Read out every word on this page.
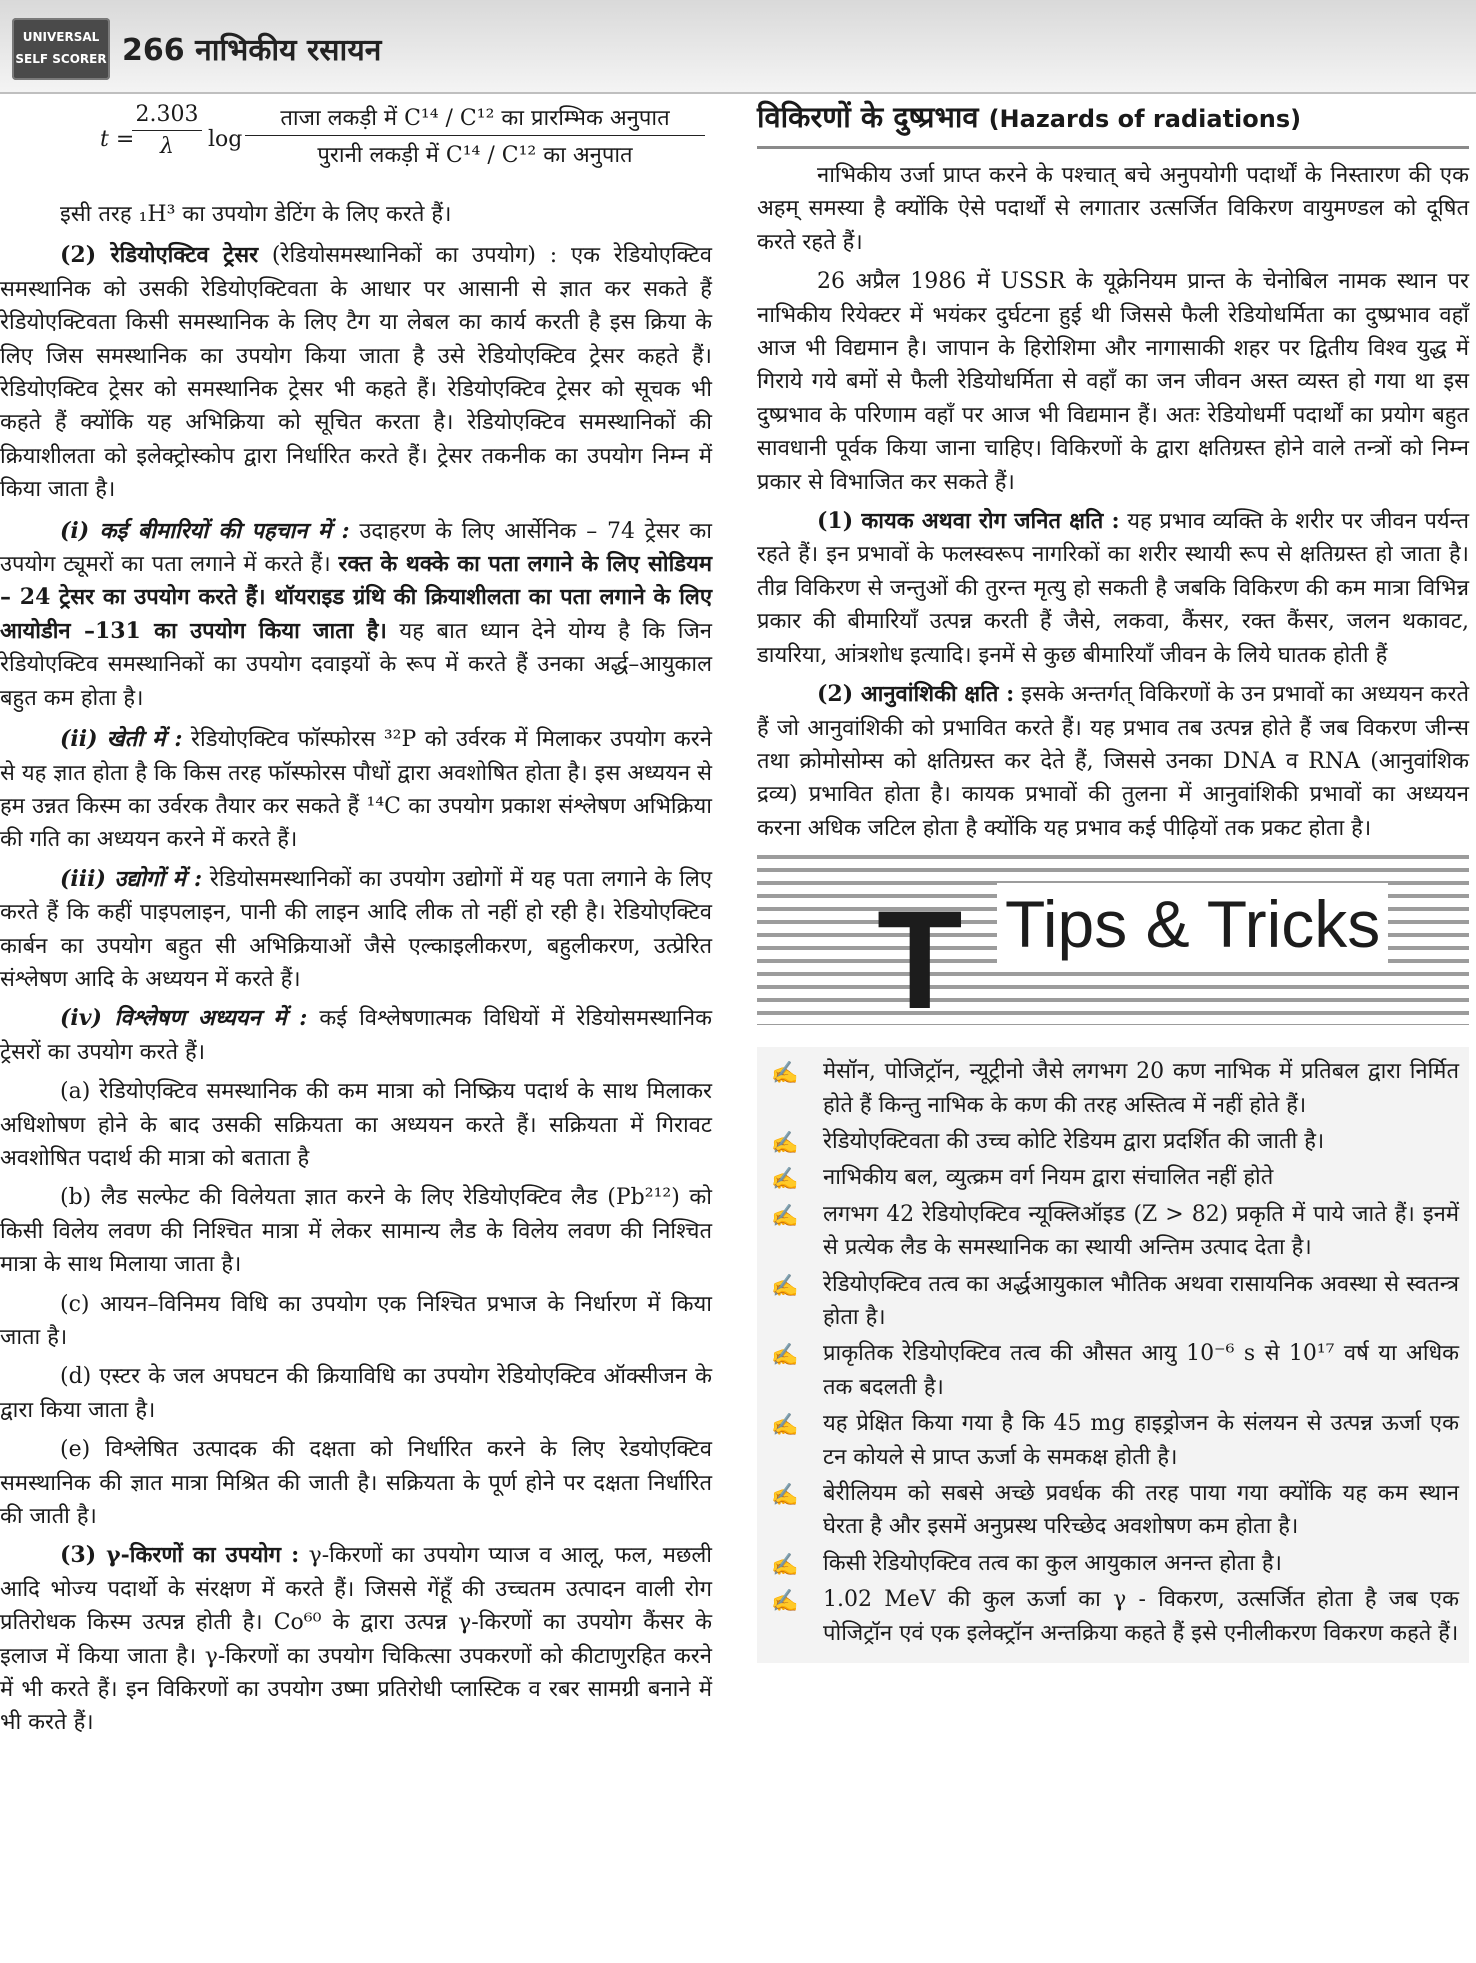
UNIVERSAL
SELF SCORER 266 नाभिकीय रसायन
t =
$\frac{2.303}{\lambda}$ log
ताजा लकड़ी में C¹⁴ / C¹² का प्रारम्भिक अनुपात
पुरानी लकड़ी में C¹⁴ / C¹² का अनुपात

इसी तरह ₁H³ का उपयोग डेटिंग के लिए करते हैं।

(2) रेडियोएक्टिव ट्रेसर (रेडियोसमस्थानिकों का उपयोग) : एक रेडियोएक्टिव समस्थानिक को उसकी रेडियोएक्टिवता के आधार पर आसानी से ज्ञात कर सकते हैं रेडियोएक्टिवता किसी समस्थानिक के लिए टैग या लेबल का कार्य करती है इस क्रिया के लिए जिस समस्थानिक का उपयोग किया जाता है उसे रेडियोएक्टिव ट्रेसर कहते हैं। रेडियोएक्टिव ट्रेसर को समस्थानिक ट्रेसर भी कहते हैं। रेडियोएक्टिव ट्रेसर को सूचक भी कहते हैं क्योंकि यह अभिक्रिया को सूचित करता है। रेडियोएक्टिव समस्थानिकों की क्रियाशीलता को इलेक्ट्रोस्कोप द्वारा निर्धारित करते हैं। ट्रेसर तकनीक का उपयोग निम्न में किया जाता है।

(i) कई बीमारियों की पहचान में : उदाहरण के लिए आर्सेनिक – 74 ट्रेसर का उपयोग ट्यूमरों का पता लगाने में करते हैं। रक्त के थक्के का पता लगाने के लिए सोडियम – 24 ट्रेसर का उपयोग करते हैं। थॉयराइड ग्रंथि की क्रियाशीलता का पता लगाने के लिए आयोडीन –131 का उपयोग किया जाता है। यह बात ध्यान देने योग्य है कि जिन रेडियोएक्टिव समस्थानिकों का उपयोग दवाइयों के रूप में करते हैं उनका अर्द्ध–आयुकाल बहुत कम होता है।

(ii) खेती में : रेडियोएक्टिव फॉस्फोरस ³²P को उर्वरक में मिलाकर उपयोग करने से यह ज्ञात होता है कि किस तरह फॉस्फोरस पौधों द्वारा अवशोषित होता है। इस अध्ययन से हम उन्नत किस्म का उर्वरक तैयार कर सकते हैं ¹⁴C का उपयोग प्रकाश संश्लेषण अभिक्रिया की गति का अध्ययन करने में करते हैं।

(iii) उद्योगों में : रेडियोसमस्थानिकों का उपयोग उद्योगों में यह पता लगाने के लिए करते हैं कि कहीं पाइपलाइन, पानी की लाइन आदि लीक तो नहीं हो रही है। रेडियोएक्टिव कार्बन का उपयोग बहुत सी अभिक्रियाओं जैसे एल्काइलीकरण, बहुलीकरण, उत्प्रेरित संश्लेषण आदि के अध्ययन में करते हैं।

(iv) विश्लेषण अध्ययन में : कई विश्लेषणात्मक विधियों में रेडियोसमस्थानिक ट्रेसरों का उपयोग करते हैं।

(a) रेडियोएक्टिव समस्थानिक की कम मात्रा को निष्क्रिय पदार्थ के साथ मिलाकर अधिशोषण होने के बाद उसकी सक्रियता का अध्ययन करते हैं। सक्रियता में गिरावट अवशोषित पदार्थ की मात्रा को बताता है

(b) लैड सल्फेट की विलेयता ज्ञात करने के लिए रेडियोएक्टिव लैड (Pb²¹²) को किसी विलेय लवण की निश्चित मात्रा में लेकर सामान्य लैड के विलेय लवण की निश्चित मात्रा के साथ मिलाया जाता है।

(c) आयन–विनिमय विधि का उपयोग एक निश्चित प्रभाज के निर्धारण में किया जाता है।

(d) एस्टर के जल अपघटन की क्रियाविधि का उपयोग रेडियोएक्टिव ऑक्सीजन के द्वारा किया जाता है।

(e) विश्लेषित उत्पादक की दक्षता को निर्धारित करने के लिए रेडयोएक्टिव समस्थानिक की ज्ञात मात्रा मिश्रित की जाती है। सक्रियता के पूर्ण होने पर दक्षता निर्धारित की जाती है।

(3) γ-किरणों का उपयोग : γ-किरणों का उपयोग प्याज व आलू, फल, मछली आदि भोज्य पदार्थो के संरक्षण में करते हैं। जिससे गेंहूँ की उच्चतम उत्पादन वाली रोग प्रतिरोधक किस्म उत्पन्न होती है। Co⁶⁰ के द्वारा उत्पन्न γ-किरणों का उपयोग कैंसर के इलाज में किया जाता है। γ-किरणों का उपयोग चिकित्सा उपकरणों को कीटाणुरहित करने में भी करते हैं। इन विकिरणों का उपयोग उष्मा प्रतिरोधी प्लास्टिक व रबर सामग्री बनाने में भी करते हैं।

विकिरणों के दुष्प्रभाव (Hazards of radiations)

नाभिकीय उर्जा प्राप्त करने के पश्चात् बचे अनुपयोगी पदार्थों के निस्तारण की एक अहम् समस्या है क्योंकि ऐसे पदार्थों से लगातार उत्सर्जित विकिरण वायुमण्डल को दूषित करते रहते हैं।

26 अप्रैल 1986 में USSR के यूक्रेनियम प्रान्त के चेनोबिल नामक स्थान पर नाभिकीय रियेक्टर में भयंकर दुर्घटना हुई थी जिससे फैली रेडियोधर्मिता का दुष्प्रभाव वहाँ आज भी विद्यमान है। जापान के हिरोशिमा और नागासाकी शहर पर द्वितीय विश्व युद्ध में गिराये गये बमों से फैली रेडियोधर्मिता से वहाँ का जन जीवन अस्त व्यस्त हो गया था इस दुष्प्रभाव के परिणाम वहाँ पर आज भी विद्यमान हैं। अतः रेडियोधर्मी पदार्थों का प्रयोग बहुत सावधानी पूर्वक किया जाना चाहिए। विकिरणों के द्वारा क्षतिग्रस्त होने वाले तन्त्रों को निम्न प्रकार से विभाजित कर सकते हैं।

(1) कायक अथवा रोग जनित क्षति : यह प्रभाव व्यक्ति के शरीर पर जीवन पर्यन्त रहते हैं। इन प्रभावों के फलस्वरूप नागरिकों का शरीर स्थायी रूप से क्षतिग्रस्त हो जाता है। तीव्र विकिरण से जन्तुओं की तुरन्त मृत्यु हो सकती है जबकि विकिरण की कम मात्रा विभिन्न प्रकार की बीमारियाँ उत्पन्न करती हैं जैसे, लकवा, कैंसर, रक्त कैंसर, जलन थकावट, डायरिया, आंत्रशोध इत्यादि। इनमें से कुछ बीमारियाँ जीवन के लिये घातक होती हैं

(2) आनुवांशिकी क्षति : इसके अन्तर्गत् विकिरणों के उन प्रभावों का अध्ययन करते हैं जो आनुवांशिकी को प्रभावित करते हैं। यह प्रभाव तब उत्पन्न होते हैं जब विकरण जीन्स तथा क्रोमोसोम्स को क्षतिग्रस्त कर देते हैं, जिससे उनका DNA व RNA (आनुवांशिक द्रव्य) प्रभावित होता है। कायक प्रभावों की तुलना में आनुवांशिकी प्रभावों का अध्ययन करना अधिक जटिल होता है क्योंकि यह प्रभाव कई पीढ़ियों तक प्रकट होता है।

T Tips & Tricks
✍ मेसॉन, पोजिट्रॉन, न्यूट्रीनो जैसे लगभग 20 कण नाभिक में प्रतिबल द्वारा निर्मित होते हैं किन्तु नाभिक के कण की तरह अस्तित्व में नहीं होते हैं।
✍ रेडियोएक्टिवता की उच्च कोटि रेडियम द्वारा प्रदर्शित की जाती है।
✍ नाभिकीय बल, व्युत्क्रम वर्ग नियम द्वारा संचालित नहीं होते
✍ लगभग 42 रेडियोएक्टिव न्यूक्लिऑइड (Z > 82) प्रकृति में पाये जाते हैं। इनमें से प्रत्येक लैड के समस्थानिक का स्थायी अन्तिम उत्पाद देता है।
✍ रेडियोएक्टिव तत्व का अर्द्धआयुकाल भौतिक अथवा रासायनिक अवस्था से स्वतन्त्र होता है।
✍ प्राकृतिक रेडियोएक्टिव तत्व की औसत आयु 10⁻⁶ s से 10¹⁷ वर्ष या अधिक तक बदलती है।
✍ यह प्रेक्षित किया गया है कि 45 mg हाइड्रोजन के संलयन से उत्पन्न ऊर्जा एक टन कोयले से प्राप्त ऊर्जा के समकक्ष होती है।
✍ बेरीलियम को सबसे अच्छे प्रवर्धक की तरह पाया गया क्योंकि यह कम स्थान घेरता है और इसमें अनुप्रस्थ परिच्छेद अवशोषण कम होता है।
✍ किसी रेडियोएक्टिव तत्व का कुल आयुकाल अनन्त होता है।
✍ 1.02 MeV की कुल ऊर्जा का γ - विकरण, उत्सर्जित होता है जब एक पोजिट्रॉन एवं एक इलेक्ट्रॉन अन्तक्रिया कहते हैं इसे एनीलीकरण विकरण कहते हैं।
